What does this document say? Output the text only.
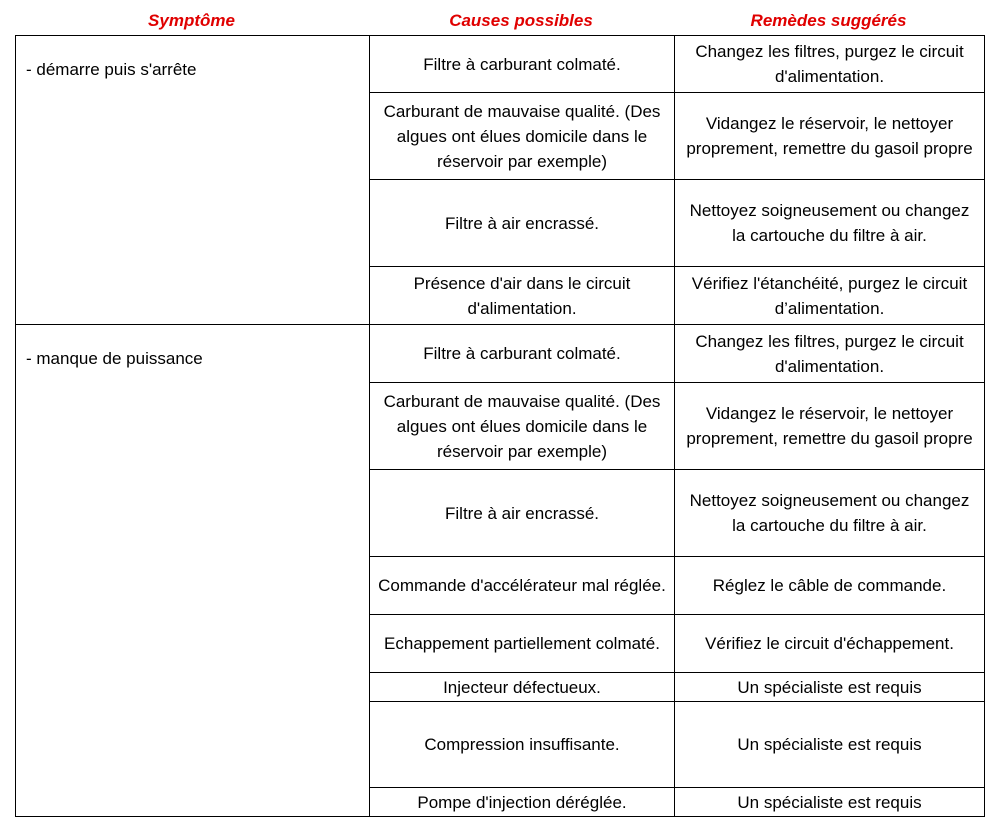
Symptôme	Causes possibles	Remèdes suggérés
- démarre puis s'arrête	Filtre à carburant colmaté.	Changez les filtres, purgez le circuit d'alimentation.
	Carburant de mauvaise qualité. (Des algues ont élues domicile dans le réservoir par exemple)	Vidangez le réservoir, le nettoyer proprement, remettre du gasoil propre
	Filtre à air encrassé.	Nettoyez soigneusement ou changez la cartouche du filtre à air.
	Présence d'air dans le circuit d'alimentation.	Vérifiez l'étanchéité, purgez le circuit d’alimentation.
- manque de puissance	Filtre à carburant colmaté.	Changez les filtres, purgez le circuit d'alimentation.
	Carburant de mauvaise qualité. (Des algues ont élues domicile dans le réservoir par exemple)	Vidangez le réservoir, le nettoyer proprement, remettre du gasoil propre
	Filtre à air encrassé.	Nettoyez soigneusement ou changez la cartouche du filtre à air.
	Commande d'accélérateur mal réglée.	Réglez le câble de commande.
	Echappement partiellement colmaté.	Vérifiez le circuit d'échappement.
	Injecteur défectueux.	Un spécialiste est requis
	Compression insuffisante.	Un spécialiste est requis
	Pompe d'injection déréglée.	Un spécialiste est requis
